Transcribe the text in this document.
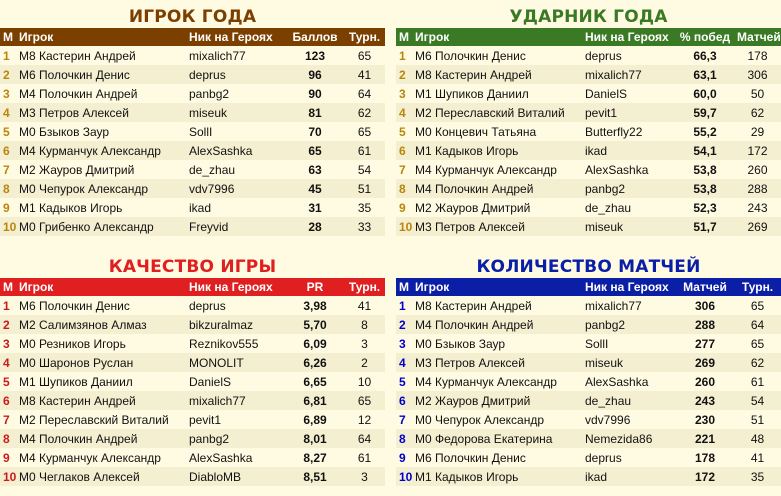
ИГРОК ГОДА
М	Игрок	Ник на Героях	Баллов	Турн.
1	М8 Кастерин Андрей	mixalich77	123	65
2	М6 Полочкин Денис	deprus	96	41
3	М4 Полочкин Андрей	panbg2	90	64
4	М3 Петров Алексей	miseuk	81	62
5	М0 Бзыков Заур	SollI	70	65
6	М4 Курманчук Александр	AlexSashka	65	61
7	М2 Жауров Дмитрий	de_zhau	63	54
8	М0 Чепурок Александр	vdv7996	45	51
9	М1 Кадыков Игорь	ikad	31	35
10	М0 Грибенко Александр	Freyvid	28	33
УДАРНИК ГОДА
М	Игрок	Ник на Героях	% побед	Матчей
1	М6 Полочкин Денис	deprus	66,3	178
2	М8 Кастерин Андрей	mixalich77	63,1	306
3	М1 Шупиков Даниил	DanielS	60,0	50
4	М2 Переславский Виталий	pevit1	59,7	62
5	М0 Концевич Татьяна	Butterfly22	55,2	29
6	М1 Кадыков Игорь	ikad	54,1	172
7	М4 Курманчук Александр	AlexSashka	53,8	260
8	М4 Полочкин Андрей	panbg2	53,8	288
9	М2 Жауров Дмитрий	de_zhau	52,3	243
10	М3 Петров Алексей	miseuk	51,7	269
КАЧЕСТВО ИГРЫ
М	Игрок	Ник на Героях	PR	Турн.
1	М6 Полочкин Денис	deprus	3,98	41
2	М2 Салимзянов Алмаз	bikzuralmaz	5,70	8
3	М0 Резников Игорь	Reznikov555	6,09	3
4	М0 Шаронов Руслан	MONOLIT	6,26	2
5	М1 Шупиков Даниил	DanielS	6,65	10
6	М8 Кастерин Андрей	mixalich77	6,81	65
7	М2 Переславский Виталий	pevit1	6,89	12
8	М4 Полочкин Андрей	panbg2	8,01	64
9	М4 Курманчук Александр	AlexSashka	8,27	61
10	М0 Чеглаков Алексей	DiabloMB	8,51	3
КОЛИЧЕСТВО МАТЧЕЙ
М	Игрок	Ник на Героях	Матчей	Турн.
1	М8 Кастерин Андрей	mixalich77	306	65
2	М4 Полочкин Андрей	panbg2	288	64
3	М0 Бзыков Заур	SollI	277	65
4	М3 Петров Алексей	miseuk	269	62
5	М4 Курманчук Александр	AlexSashka	260	61
6	М2 Жауров Дмитрий	de_zhau	243	54
7	М0 Чепурок Александр	vdv7996	230	51
8	М0 Федорова Екатерина	Nemezida86	221	48
9	М6 Полочкин Денис	deprus	178	41
10	М1 Кадыков Игорь	ikad	172	35
